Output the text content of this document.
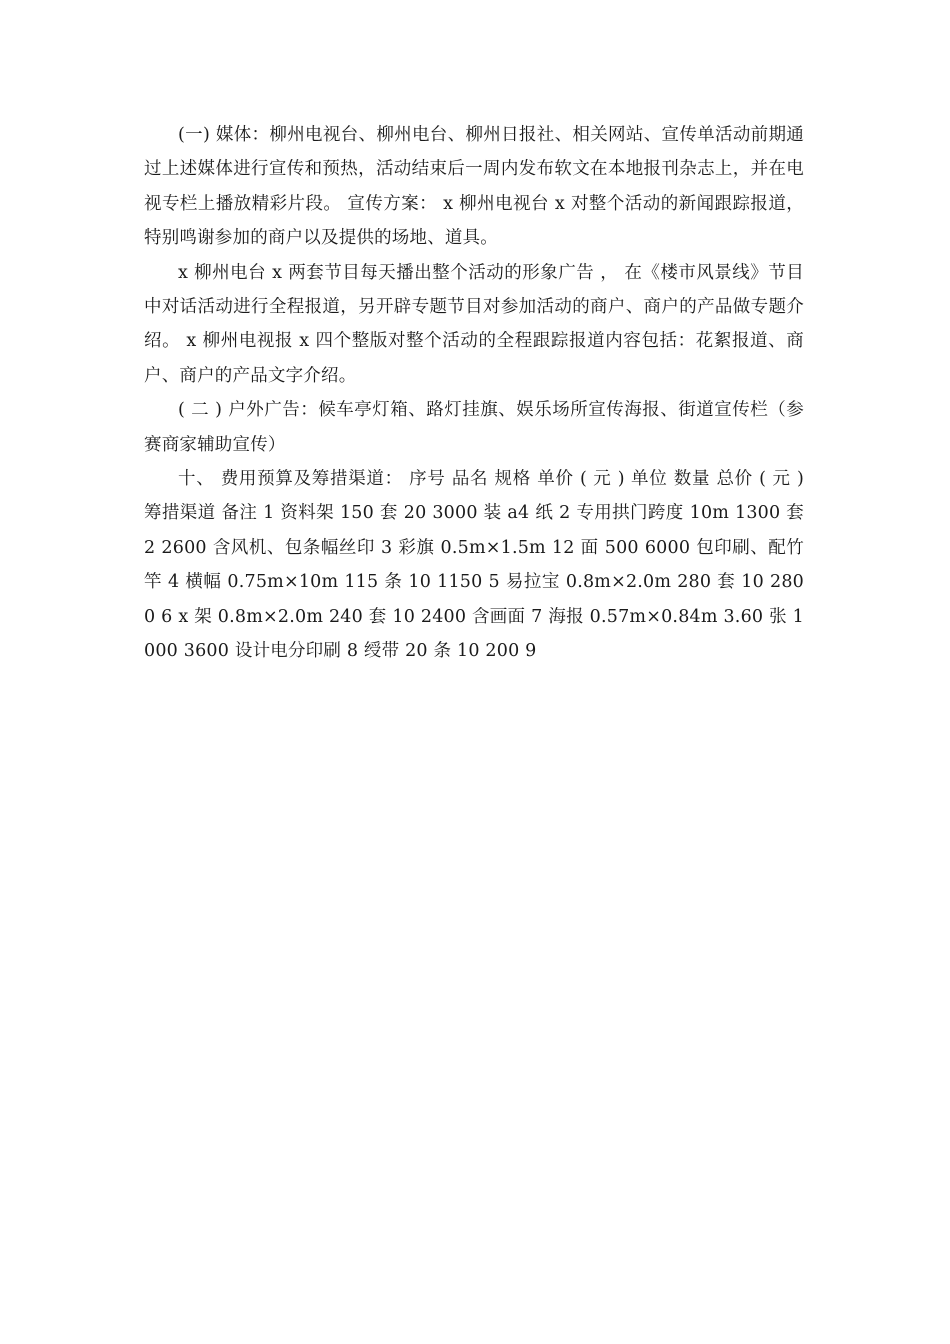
(一) 媒体：柳州电视台、柳州电台、柳州日报社、相关网站、宣传单活动前期通过上述媒体进行宣传和预热，活动结束后一周内发布软文在本地报刊杂志上，并在电视专栏上播放精彩片段。 宣传方案： x 柳州电视台 x 对整个活动的新闻跟踪报道，特别鸣谢参加的商户以及提供的场地、道具。

x 柳州电台 x 两套节目每天播出整个活动的形象广告 ， 在《楼市风景线》节目中对话活动进行全程报道，另开辟专题节目对参加活动的商户、商户的产品做专题介绍。 x 柳州电视报 x 四个整版对整个活动的全程跟踪报道内容包括：花絮报道、商户、商户的产品文字介绍。

( 二 ) 户外广告：候车亭灯箱、路灯挂旗、娱乐场所宣传海报、街道宣传栏（参赛商家辅助宣传）

十、 费用预算及筹措渠道： 序号 品名 规格 单价 ( 元 ) 单位 数量 总价 ( 元 ) 筹措渠道 备注 1 资料架 150 套 20 3000 装 a4 纸 2 专用拱门跨度 10m 1300 套 2 2600 含风机、包条幅丝印 3 彩旗 0.5m×1.5m 12 面 500 6000 包印刷、配竹竿 4 横幅 0.75m×10m 115 条 10 1150 5 易拉宝 0.8m×2.0m 280 套 10 2800 6 x 架 0.8m×2.0m 240 套 10 2400 含画面 7 海报 0.57m×0.84m 3.60 张 1000 3600 设计电分印刷 8 绶带 20 条 10 200 9
